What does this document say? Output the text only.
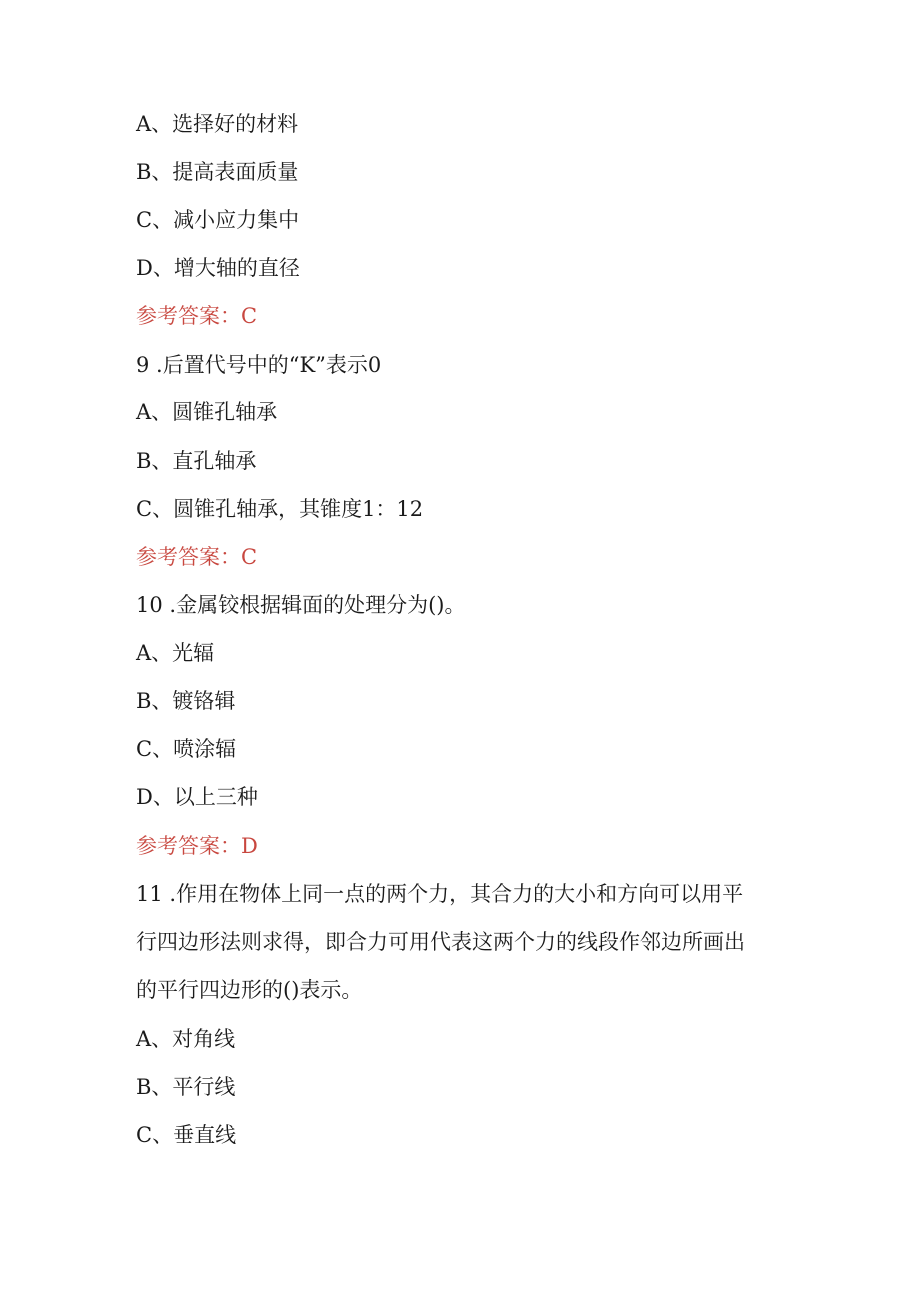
A、选择好的材料
B、提高表面质量
C、减小应力集中
D、增大轴的直径
参考答案：C
9 .后置代号中的“K”表示0
A、圆锥孔轴承
B、直孔轴承
C、圆锥孔轴承，其锥度1：12
参考答案：C
10 .金属铰根据辑面的处理分为()。
A、光辐
B、镀铬辑
C、喷涂辐
D、以上三种
参考答案：D
11 .作用在物体上同一点的两个力，其合力的大小和方向可以用平
行四边形法则求得，即合力可用代表这两个力的线段作邻边所画出
的平行四边形的()表示。
A、对角线
B、平行线
C、垂直线
